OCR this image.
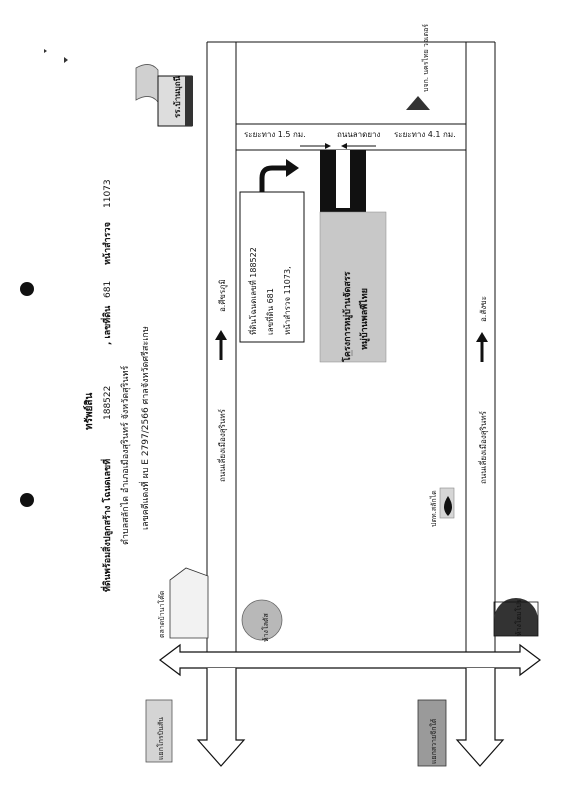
ทรัพย์สิน
ที่ดินพร้อมสิ่งปลูกสร้าง โฉนดเลขที่
188522
, เลขที่ดิน
681
หน้าสำรวจ
11073
ตำบลสลักได อำเภอเมืองสุรินทร์ จังหวัดสุรินทร์	เลขคดีแดงที่ ผบ E 2797/2566 ศาลจังหวัดศรีสะเกษ
ระยะทาง 1.5 กม.	ถนนลาดยาง ระยะทาง 4.1 กม.
โครงการหมู่บ้านจัดสรร หมู่บ้านพลพีไทย
ที่ดินโฉนดเลขที่ 188522 เลขที่ดิน 681 หน้าสำรวจ 11073,
อ.ศีขรภูมิ
ถนนเลี่ยงเมืองสุรินทร์
อ.สังขะ
ถนนเลี่ยงเมืองสุรินทร์
รร.บ้านบุถนี
บจก. นครไทย วอเตอร์
ตลาดบ้านาโค๊ด	ห้างโลตัส
ปตท.สลักได
ห้างโฮมโปร
แยกโกรบินสัน	แยกสวายจีกใต้
